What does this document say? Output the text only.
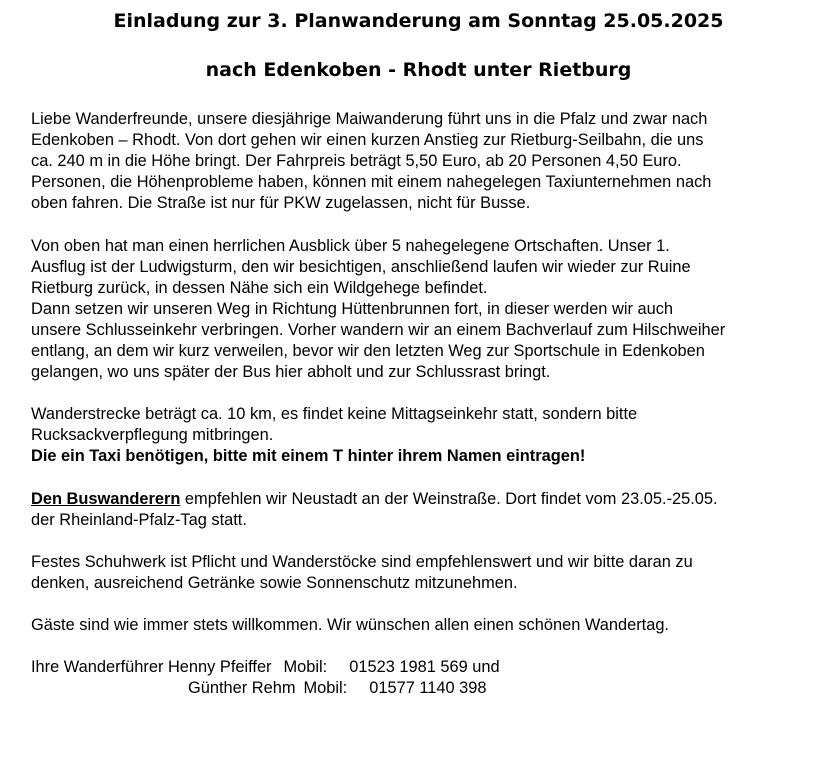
Einladung zur 3. Planwanderung am Sonntag 25.05.2025
nach Edenkoben - Rhodt unter Rietburg

Liebe Wanderfreunde, unsere diesjährige Maiwanderung führt uns in die Pfalz und zwar nach

Edenkoben – Rhodt. Von dort gehen wir einen kurzen Anstieg zur Rietburg-Seilbahn, die uns

ca. 240 m in die Höhe bringt. Der Fahrpreis beträgt 5,50 Euro, ab 20 Personen 4,50 Euro.

Personen, die Höhenprobleme haben, können mit einem nahegelegen Taxiunternehmen nach

oben fahren. Die Straße ist nur für PKW zugelassen, nicht für Busse.

Von oben hat man einen herrlichen Ausblick über 5 nahegelegene Ortschaften. Unser 1.

Ausflug ist der Ludwigsturm, den wir besichtigen, anschließend laufen wir wieder zur Ruine

Rietburg zurück, in dessen Nähe sich ein Wildgehege befindet.

Dann setzen wir unseren Weg in Richtung Hüttenbrunnen fort, in dieser werden wir auch

unsere Schlusseinkehr verbringen. Vorher wandern wir an einem Bachverlauf zum Hilschweiher

entlang, an dem wir kurz verweilen, bevor wir den letzten Weg zur Sportschule in Edenkoben

gelangen, wo uns später der Bus hier abholt und zur Schlussrast bringt.

Wanderstrecke beträgt ca. 10 km, es findet keine Mittagseinkehr statt, sondern bitte

Rucksackverpflegung mitbringen.

Die ein Taxi benötigen, bitte mit einem T hinter ihrem Namen eintragen!

Den Buswanderern empfehlen wir Neustadt an der Weinstraße. Dort findet vom 23.05.-25.05.

der Rheinland-Pfalz-Tag statt.

Festes Schuhwerk ist Pflicht und Wanderstöcke sind empfehlenswert und wir bitte daran zu

denken, ausreichend Getränke sowie Sonnenschutz mitzunehmen.

Gäste sind wie immer stets willkommen. Wir wünschen allen einen schönen Wandertag.

Ihre Wanderführer Henny Pfeiffer Mobil: 01523 1981 569 und
Günther Rehm Mobil: 01577 1140 398
